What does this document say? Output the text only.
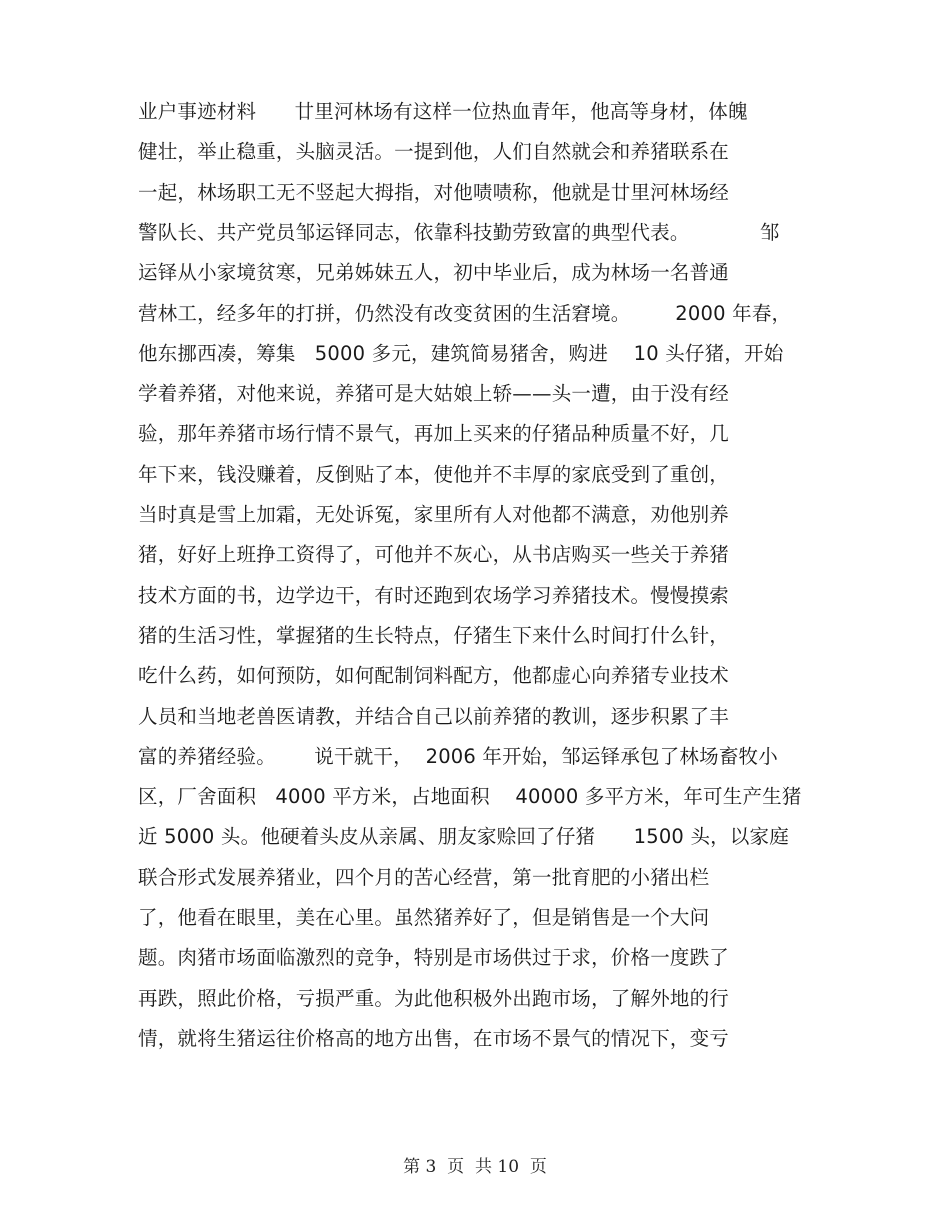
业户事迹材料      廿里河林场有这样一位热血青年，他高等身材，体魄
健壮，举止稳重，头脑灵活。一提到他，人们自然就会和养猪联系在
一起，林场职工无不竖起大拇指，对他啧啧称，他就是廿里河林场经
警队长、共产党员邹运铎同志，依靠科技勤劳致富的典型代表。           邹
运铎从小家境贫寒，兄弟姊妹五人，初中毕业后，成为林场一名普通
营林工，经多年的打拼，仍然没有改变贫困的生活窘境。       2000 年春，
他东挪西凑，筹集   5000 多元，建筑简易猪舍，购进    10 头仔猪，开始
学着养猪，对他来说，养猪可是大姑娘上轿——头一遭，由于没有经
验，那年养猪市场行情不景气，再加上买来的仔猪品种质量不好，几
年下来，钱没赚着，反倒贴了本，使他并不丰厚的家底受到了重创，
当时真是雪上加霜，无处诉冤，家里所有人对他都不满意，劝他别养
猪，好好上班挣工资得了，可他并不灰心，从书店购买一些关于养猪
技术方面的书，边学边干，有时还跑到农场学习养猪技术。慢慢摸索
猪的生活习性，掌握猪的生长特点，仔猪生下来什么时间打什么针，
吃什么药，如何预防，如何配制饲料配方，他都虚心向养猪专业技术
人员和当地老兽医请教，并结合自己以前养猪的教训，逐步积累了丰
富的养猪经验。      说干就干，  2006 年开始，邹运铎承包了林场畜牧小
区，厂舍面积   4000 平方米，占地面积    40000 多平方米，年可生产生猪
近 5000 头。他硬着头皮从亲属、朋友家赊回了仔猪      1500 头，以家庭
联合形式发展养猪业，四个月的苦心经营，第一批育肥的小猪出栏
了，他看在眼里，美在心里。虽然猪养好了，但是销售是一个大问
题。肉猪市场面临激烈的竞争，特别是市场供过于求，价格一度跌了
再跌，照此价格，亏损严重。为此他积极外出跑市场，了解外地的行
情，就将生猪运往价格高的地方出售，在市场不景气的情况下，变亏
第 3  页  共 10  页
